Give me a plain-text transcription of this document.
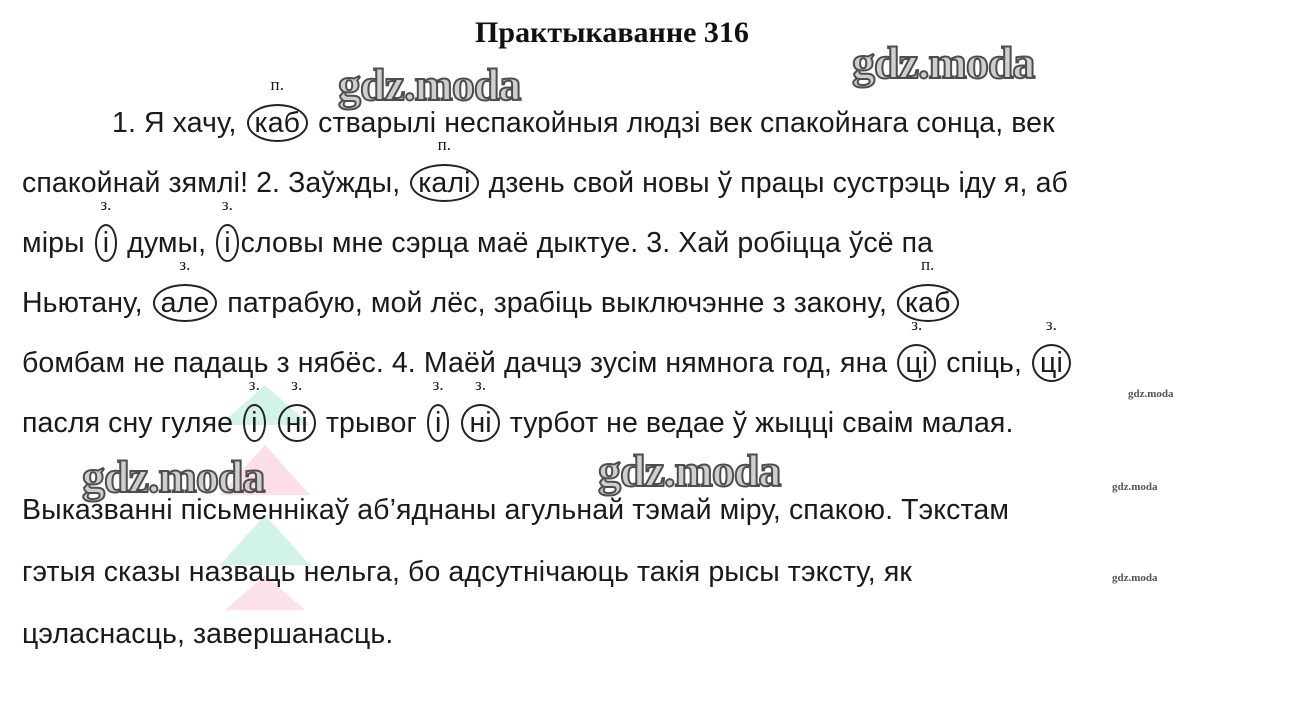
Практыкаванне 316
gdz.moda	gdz.moda
gdz.moda	gdz.moda
gdz.moda
gdz.moda
gdz.moda
1. Я хачу,
п.
каб стварылі неспакойныя людзі век спакойнага сонца, век
спакойнай зямлі! 2. Заўжды,
п.
калі дзень свой новы ў працы сустрэць іду я, аб
міры
з.
і думы,
з.
і словы мне сэрца маё дыктуе. 3. Хай робіцца ўсё па
Ньютану,
з.
але патрабую, мой лёс, зрабіць выключэнне з закону,
п.
каб
бомбам не падаць з нябёс. 4. Маёй дачцэ зусім нямнога год, яна
з.
ці спіць,
з.
ці
пасля сну гуляе
з.
і
з.
ні трывог
з.
і
з.
ні турбот не ведае ў жыцці сваім малая.
Выказванні пісьменнікаў аб’яднаны агульнай тэмай міру, спакою. Тэкстам
гэтыя сказы назваць нельга, бо адсутнічаюць такія рысы тэксту, як
цэласнасць, завершанасць.
